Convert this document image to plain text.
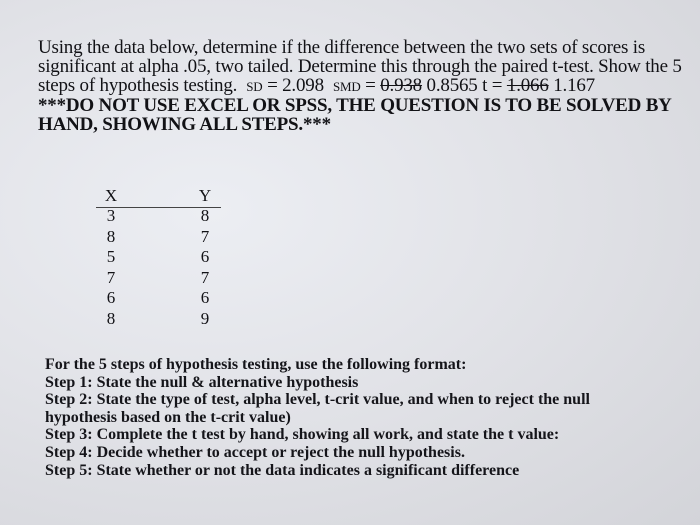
Using the data below, determine if the difference between the two sets of scores is
significant at alpha .05, two tailed. Determine this through the paired t-test. Show the 5
steps of hypothesis testing. SD = 2.098 SMD = 0.938 0.8565 t = 1.066 1.167
***DO NOT USE EXCEL OR SPSS, THE QUESTION IS TO BE SOLVED BY
HAND, SHOWING ALL STEPS.***
X
3
8
5
7
6
8
Y
8
7
6
7
6
9
For the 5 steps of hypothesis testing, use the following format:
Step 1: State the null & alternative hypothesis
Step 2: State the type of test, alpha level, t-crit value, and when to reject the null
hypothesis based on the t-crit value)
Step 3: Complete the t test by hand, showing all work, and state the t value:
Step 4: Decide whether to accept or reject the null hypothesis.
Step 5: State whether or not the data indicates a significant difference
